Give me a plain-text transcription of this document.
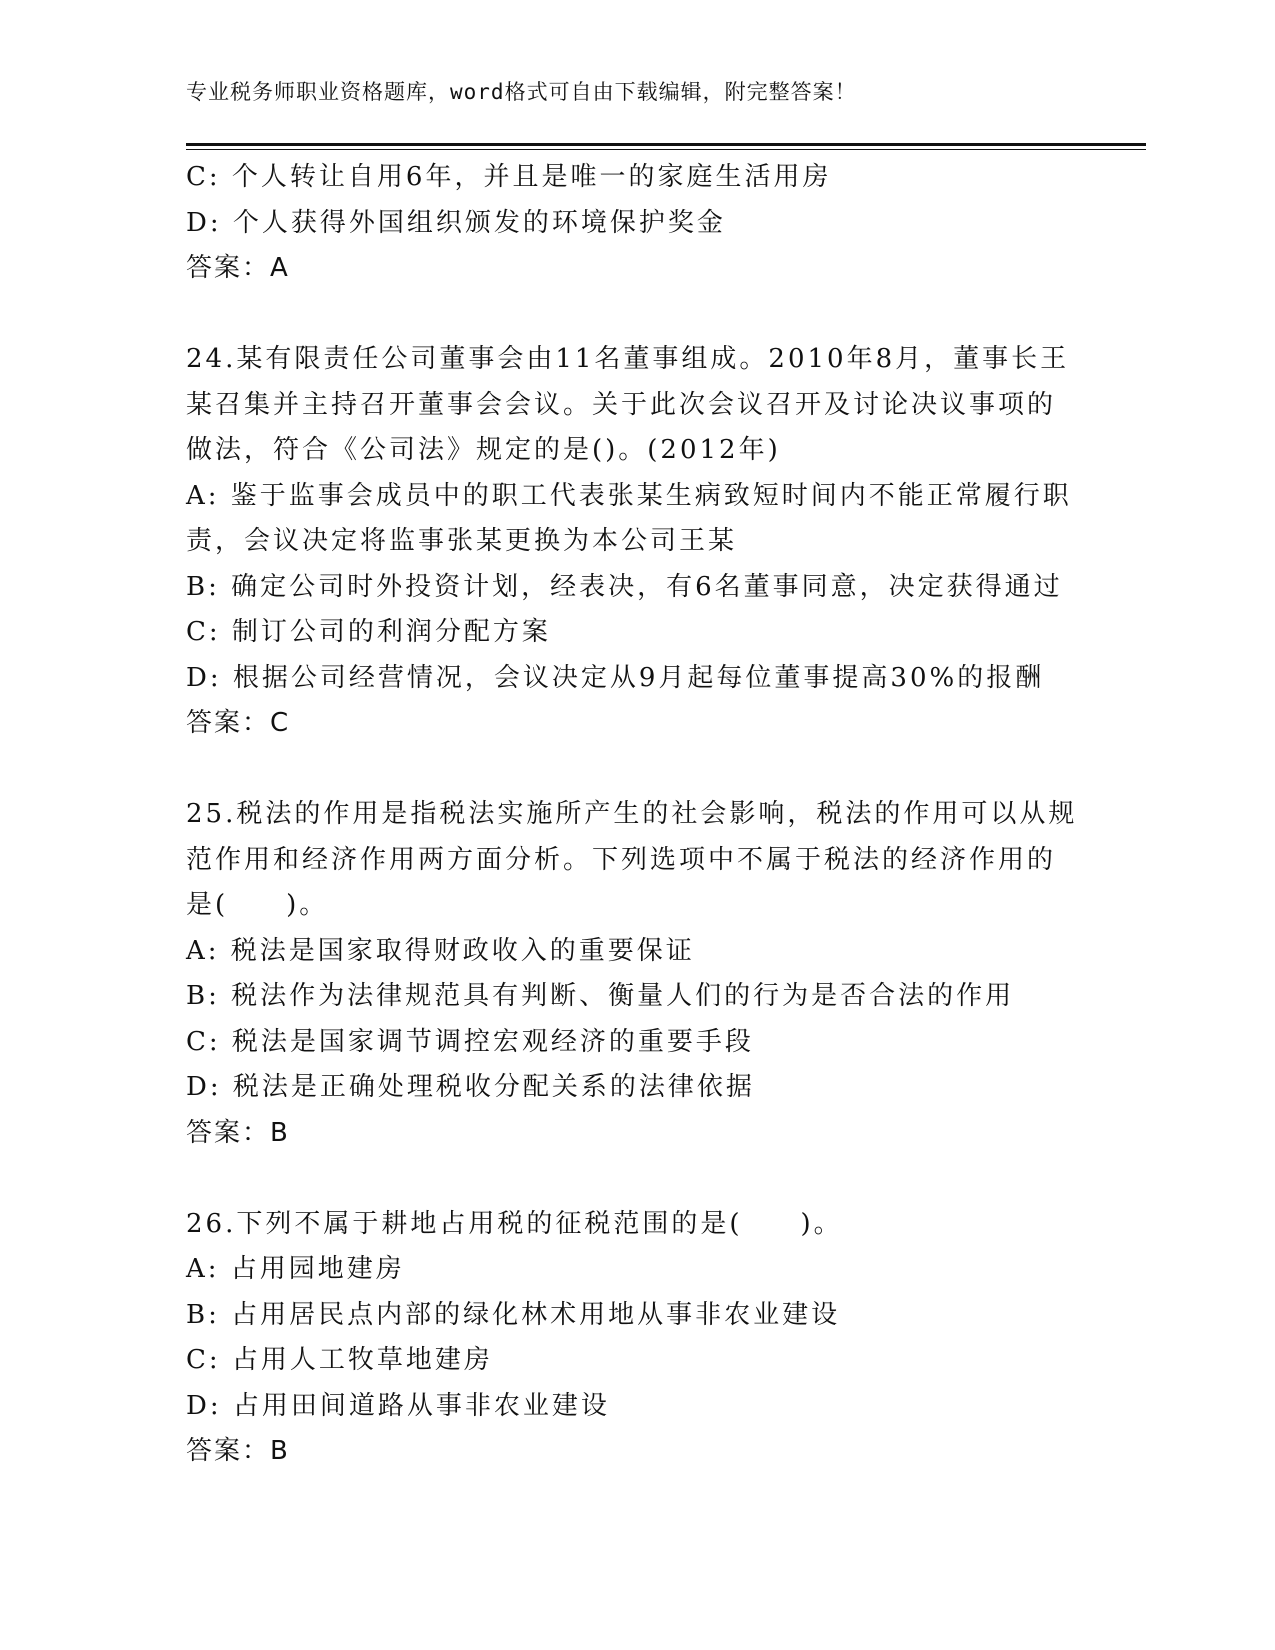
专业税务师职业资格题库，word格式可自由下载编辑，附完整答案！
C: 个人转让自用6年，并且是唯一的家庭生活用房
D: 个人获得外国组织颁发的环境保护奖金
答案：A
24.某有限责任公司董事会由11名董事组成。2010年8月，董事长王
某召集并主持召开董事会会议。关于此次会议召开及讨论决议事项的
做法，符合《公司法》规定的是()。(2012年)
A: 鉴于监事会成员中的职工代表张某生病致短时间内不能正常履行职
责，会议决定将监事张某更换为本公司王某
B: 确定公司时外投资计划，经表决，有6名董事同意，决定获得通过
C: 制订公司的利润分配方案
D: 根据公司经营情况，会议决定从9月起每位董事提高30%的报酬
答案：C
25.税法的作用是指税法实施所产生的社会影响，税法的作用可以从规
范作用和经济作用两方面分析。下列选项中不属于税法的经济作用的
是(　　)。
A: 税法是国家取得财政收入的重要保证
B: 税法作为法律规范具有判断、衡量人们的行为是否合法的作用
C: 税法是国家调节调控宏观经济的重要手段
D: 税法是正确处理税收分配关系的法律依据
答案：B
26.下列不属于耕地占用税的征税范围的是(　　)。
A: 占用园地建房
B: 占用居民点内部的绿化林术用地从事非农业建设
C: 占用人工牧草地建房
D: 占用田间道路从事非农业建设
答案：B
